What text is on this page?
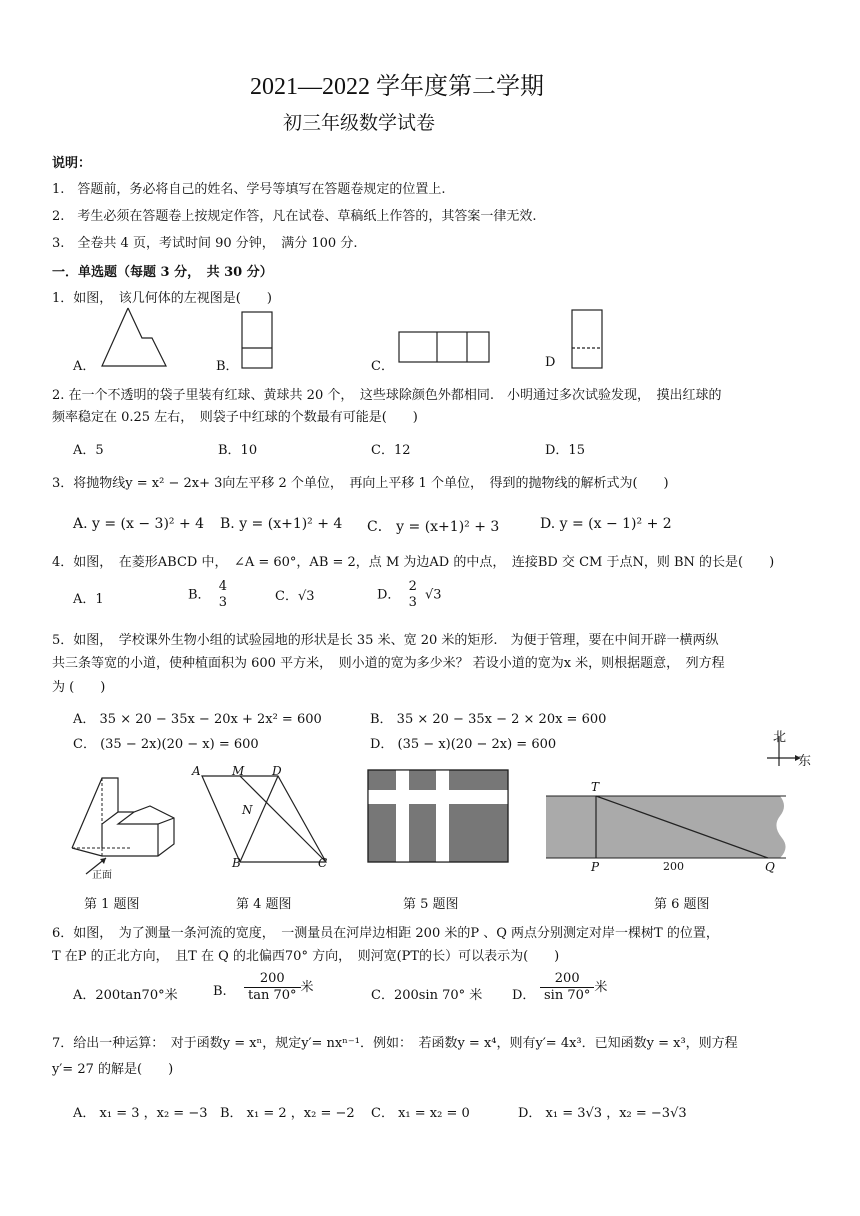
2021—2022 学年度第二学期
初三年级数学试卷
说明：
1.　答题前，务必将自己的姓名、学号等填写在答题卷规定的位置上.
2.　考生必须在答题卷上按规定作答，凡在试卷、草稿纸上作答的，其答案一律无效.
3.　全卷共 4 页，考试时间 90 分钟，　满分 100 分.
一．单选题（每题 3 分，　共 30 分）
1．如图，　该几何体的左视图是(　　)
A．	B．	C．	D
2. 在一个不透明的袋子里装有红球、黄球共 20 个，　这些球除颜色外都相同.　小明通过多次试验发现，　摸出红球的
频率稳定在 0.25 左右，　则袋子中红球的个数最有可能是(　　)
A．5	B．10	C．12	D．15
3．将抛物线y = x² − 2x+ 3向左平移 2 个单位，　再向上平移 1 个单位，　得到的抛物线的解析式为(　　)
A. y = (x − 3)² + 4 B. y = (x+1)² + 4 C． y = (x+1)² + 3	D. y = (x − 1)² + 2
4．如图，　在菱形ABCD 中，　∠A = 60°，AB = 2，点 M 为边AD 的中点，　连接BD 交 CM 于点N，则 BN 的长是(　　)
A．1	B．
4
3	C．√3	D．
2
3 √3
5．如图，　学校课外生物小组的试验园地的形状是长 35 米、宽 20 米的矩形.　为便于管理，要在中间开辟一横两纵
共三条等宽的小道，使种植面积为 600 平方米，　则小道的宽为多少米？ 若设小道的宽为x 米，则根据题意，　列方程
为 (　　)
A． 35 × 20 − 35x − 20x + 2x² = 600	B． 35 × 20 − 35x − 2 × 20x = 600
C． (35 − 2x)(20 − x) = 600	D． (35 − x)(20 − 2x) = 600	北
东
正面
A	M D
N
B	C
T
P	200	Q
第 1 题图	第 4 题图	第 5 题图	第 6 题图
6．如图，　为了测量一条河流的宽度，　一测量员在河岸边相距 200 米的P 、Q 两点分别测定对岸一棵树T 的位置，
T 在P 的正北方向，　且T 在 Q 的北偏西70° 方向，　则河宽(PT的长）可以表示为(　　)
A．200tan70°米	B. $\frac{200}{\tan 70^\circ}$ 米
C．200sin 70° 米 D． $\frac{200}{\sin 70^\circ}$ 米
7．给出一种运算：　对于函数y = xⁿ，规定y′= nxⁿ⁻¹．例如：　若函数y = x⁴，则有y′= 4x³．已知函数y = x³，则方程
y′= 27 的解是(　　)
A． x₁ = 3 ，x₂ = −3 B． x₁ = 2 ，x₂ = −2 C． x₁ = x₂ = 0	D． x₁ = 3√3 ，x₂ = −3√3
